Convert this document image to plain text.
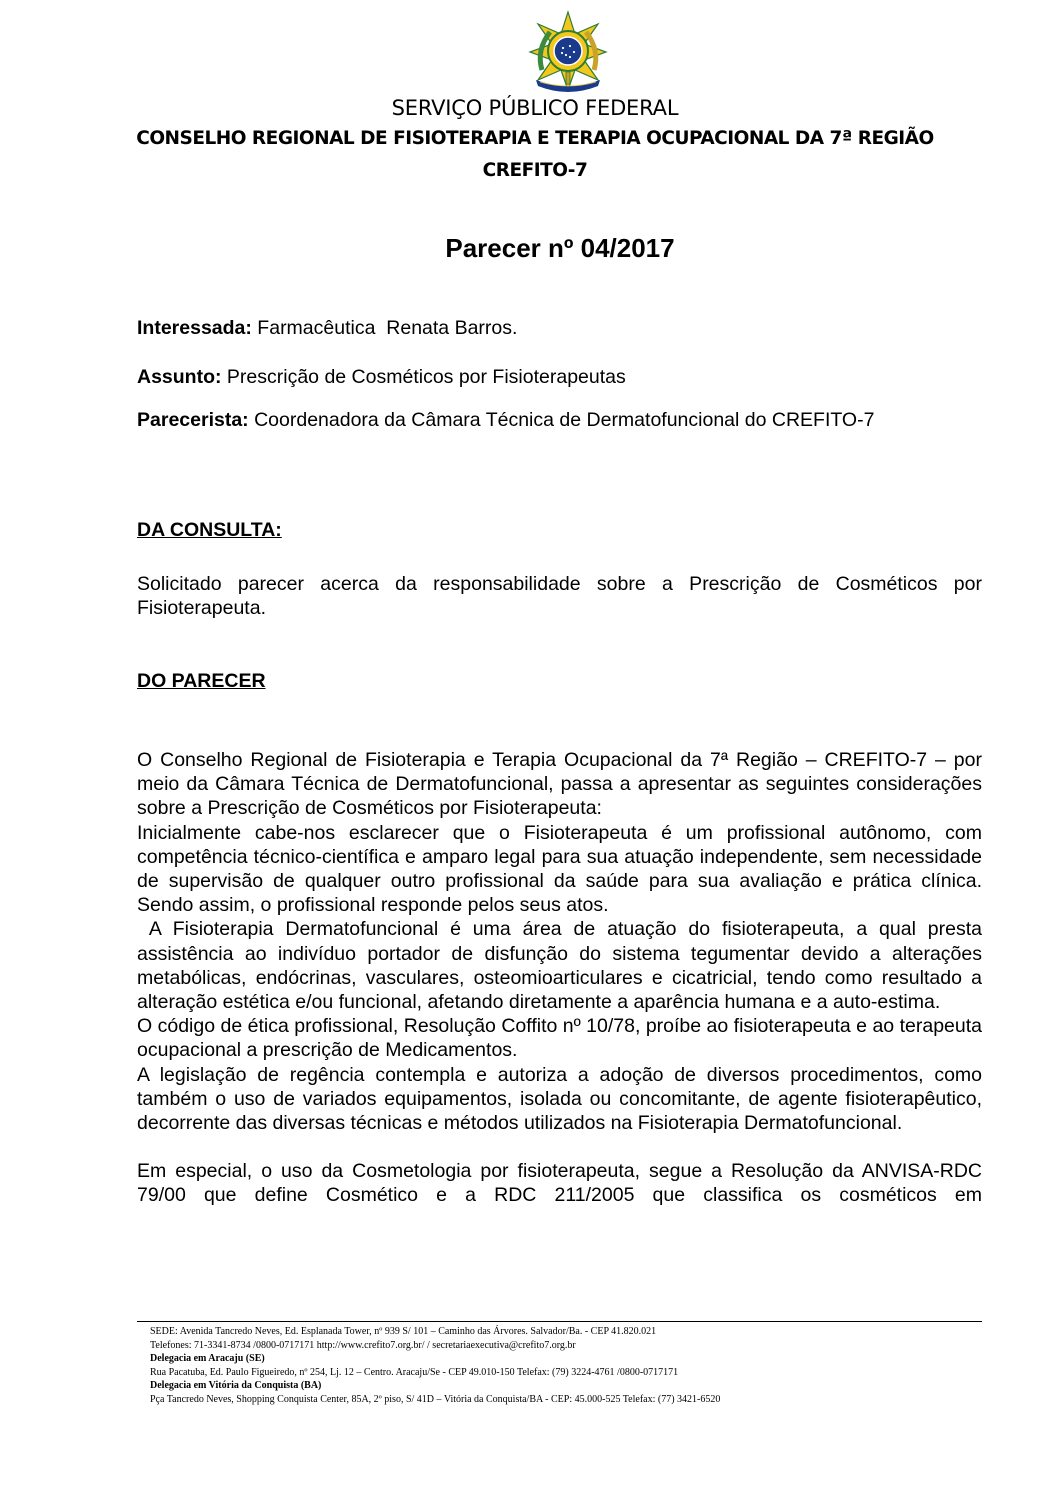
SERVIÇO PÚBLICO FEDERAL
CONSELHO REGIONAL DE FISIOTERAPIA E TERAPIA OCUPACIONAL DA 7ª REGIÃO
CREFITO-7
Parecer nº 04/2017
Interessada: Farmacêutica  Renata Barros.
Assunto: Prescrição de Cosméticos por Fisioterapeutas
Parecerista: Coordenadora da Câmara Técnica de Dermatofuncional do CREFITO-7
DA CONSULTA:

Solicitado parecer acerca da responsabilidade sobre a Prescrição de Cosméticos por Fisioterapeuta.

DO PARECER

O Conselho Regional de Fisioterapia e Terapia Ocupacional da 7ª Região – CREFITO-7 – por meio da Câmara Técnica de Dermatofuncional, passa a apresentar as seguintes considerações sobre a Prescrição de Cosméticos por Fisioterapeuta:

Inicialmente cabe-nos esclarecer que o Fisioterapeuta é um profissional autônomo, com competência técnico-científica e amparo legal para sua atuação independente, sem necessidade de supervisão de qualquer outro profissional da saúde para sua avaliação e prática clínica. Sendo assim, o profissional responde pelos seus atos.

A Fisioterapia Dermatofuncional é uma área de atuação do fisioterapeuta, a qual presta assistência ao indivíduo portador de disfunção do sistema tegumentar devido a alterações metabólicas, endócrinas, vasculares, osteomioarticulares e cicatricial, tendo como resultado a alteração estética e/ou funcional, afetando diretamente a aparência humana e a auto-estima.

O código de ética profissional, Resolução Coffito nº 10/78, proíbe ao fisioterapeuta e ao terapeuta ocupacional a prescrição de Medicamentos.

A legislação de regência contempla e autoriza a adoção de diversos procedimentos, como também o uso de variados equipamentos, isolada ou concomitante, de agente fisioterapêutico, decorrente das diversas técnicas e métodos utilizados na Fisioterapia Dermatofuncional.

Em especial, o uso da Cosmetologia por fisioterapeuta, segue a Resolução da ANVISA-RDC 79/00 que define Cosmético e a RDC 211/2005 que classifica os cosméticos em

SEDE: Avenida Tancredo Neves, Ed. Esplanada Tower, nº 939 S/ 101 – Caminho das Árvores. Salvador/Ba. - CEP 41.820.021
Telefones: 71-3341-8734 /0800-0717171 http://www.crefito7.org.br/ / secretariaexecutiva@crefito7.org.br
Delegacia em Aracaju (SE)
Rua Pacatuba, Ed. Paulo Figueiredo, nº 254, Lj. 12 – Centro. Aracaju/Se - CEP 49.010-150 Telefax: (79) 3224-4761 /0800-0717171
Delegacia em Vitória da Conquista (BA)
Pça Tancredo Neves, Shopping Conquista Center, 85A, 2º piso, S/ 41D – Vitória da Conquista/BA - CEP: 45.000-525 Telefax: (77) 3421-6520
